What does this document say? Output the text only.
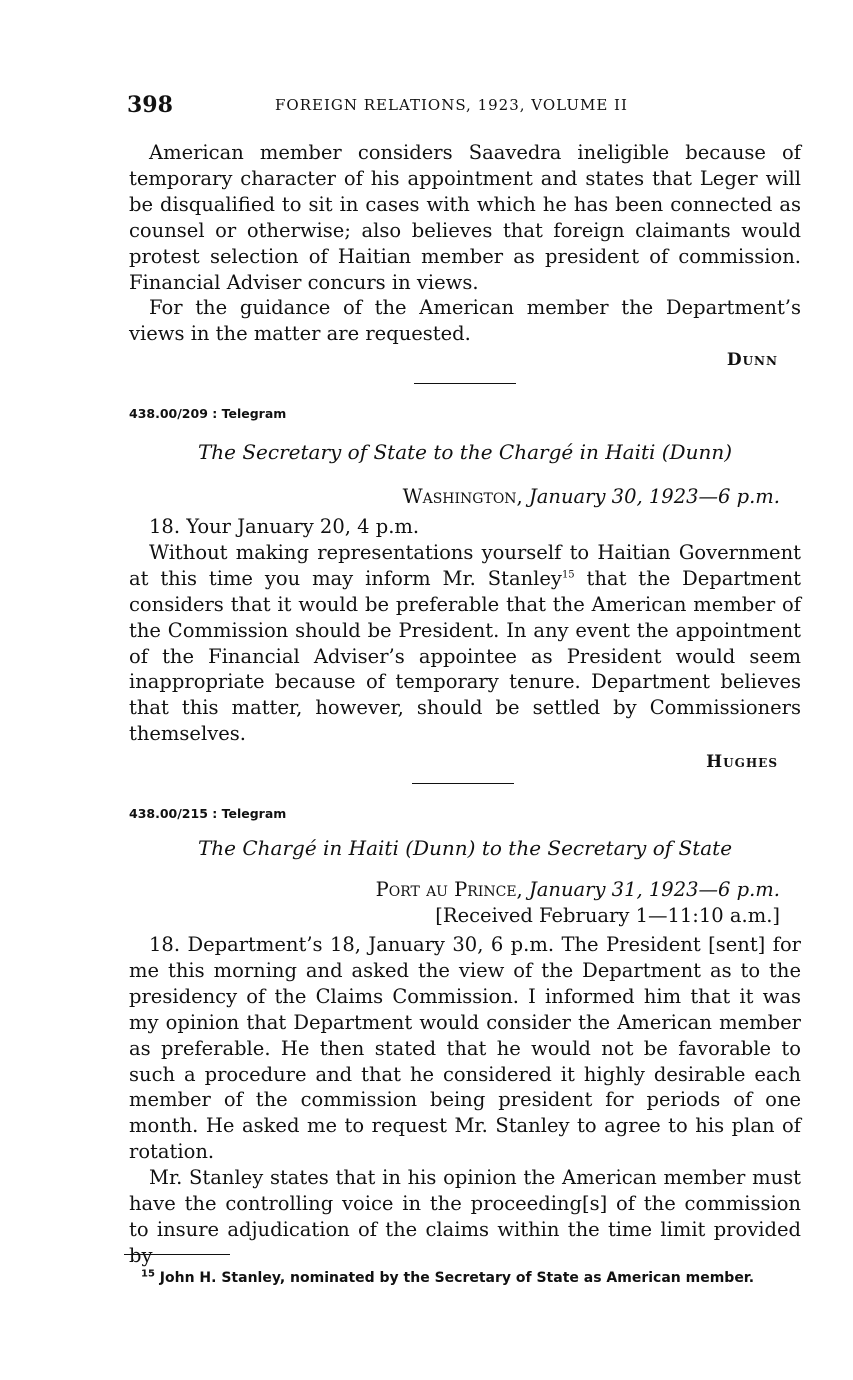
398	FOREIGN RELATIONS, 1923, VOLUME II

American member considers Saavedra ineligible because of temporary character of his appointment and states that Leger will be disqualified to sit in cases with which he has been connected as counsel or otherwise; also believes that foreign claimants would protest selection of Haitian member as president of commission. Financial Adviser concurs in views.

For the guidance of the American member the Department’s views in the matter are requested.

Dunn
438.00/209 : Telegram
The Secretary of State to the Chargé in Haiti (Dunn)
Washington, January 30, 1923—6 p.m.

18. Your January 20, 4 p.m.

Without making representations yourself to Haitian Government at this time you may inform Mr. Stanley$^{15}$ that the Department considers that it would be preferable that the American member of the Commission should be President. In any event the appointment of the Financial Adviser’s appointee as President would seem inappropriate because of temporary tenure. Department believes that this matter, however, should be settled by Commissioners themselves.

Hughes
438.00/215 : Telegram
The Chargé in Haiti (Dunn) to the Secretary of State
Port au Prince, January 31, 1923—6 p.m.
[Received February 1—11:10 a.m.]

18. Department’s 18, January 30, 6 p.m. The President [sent] for me this morning and asked the view of the Department as to the presidency of the Claims Commission. I informed him that it was my opinion that Department would consider the American member as preferable. He then stated that he would not be favorable to such a procedure and that he considered it highly desirable each member of the commission being president for periods of one month. He asked me to request Mr. Stanley to agree to his plan of rotation.

Mr. Stanley states that in his opinion the American member must have the controlling voice in the proceeding[s] of the commission to insure adjudication of the claims within the time limit provided by

$^{15}$ John H. Stanley, nominated by the Secretary of State as American member.
